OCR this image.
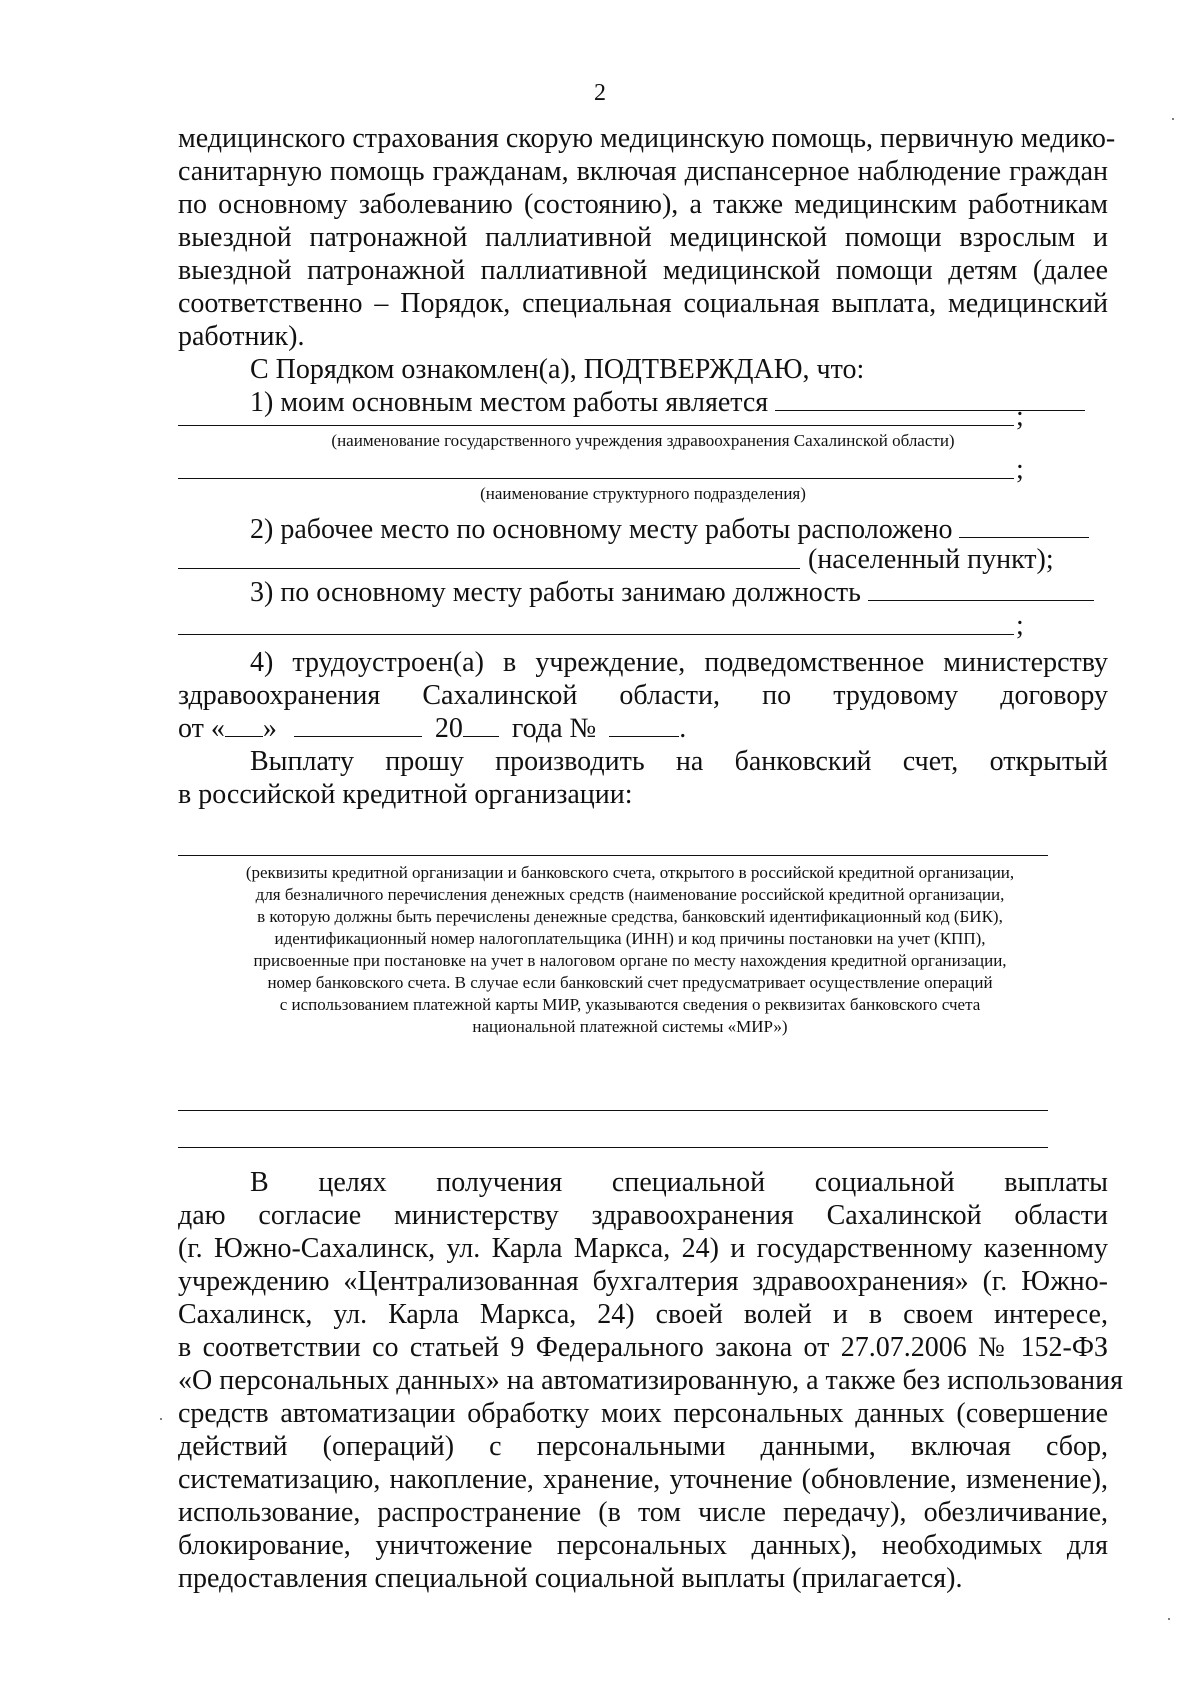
2
медицинского страхования скорую медицинскую помощь, первичную медико-
санитарную помощь гражданам, включая диспансерное наблюдение граждан
по основному заболеванию (состоянию), а также медицинским работникам
выездной патронажной паллиативной медицинской помощи взрослым и
выездной патронажной паллиативной медицинской помощи детям (далее
соответственно – Порядок, специальная социальная выплата, медицинский
работник).
С Порядком ознакомлен(а), ПОДТВЕРЖДАЮ, что:
1) моим основным местом работы является	;
(наименование государственного учреждения здравоохранения Сахалинской области)
;
(наименование структурного подразделения)
2) рабочее место по основному месту работы расположено
(населенный пункт);
3) по основному месту работы занимаю должность
;
4) трудоустроен(а) в учреждение, подведомственное министерству
здравоохранения Сахалинской области, по трудовому договору
от « »	20 года №	.
Выплату прошу производить на банковский счет, открытый
в российской кредитной организации:
(реквизиты кредитной организации и банковского счета, открытого в российской кредитной организации,
для безналичного перечисления денежных средств (наименование российской кредитной организации,
в которую должны быть перечислены денежные средства, банковский идентификационный код (БИК),
идентификационный номер налогоплательщика (ИНН) и код причины постановки на учет (КПП),
присвоенные при постановке на учет в налоговом органе по месту нахождения кредитной организации,
номер банковского счета. В случае если банковский счет предусматривает осуществление операций
с использованием платежной карты МИР, указываются сведения о реквизитах банковского счета
национальной платежной системы «МИР»)
В целях получения специальной социальной выплаты
даю согласие министерству здравоохранения Сахалинской области
(г. Южно-Сахалинск, ул. Карла Маркса, 24) и государственному казенному
учреждению «Централизованная бухгалтерия здравоохранения» (г. Южно-
Сахалинск, ул. Карла Маркса, 24) своей волей и в своем интересе,
в соответствии со статьей 9 Федерального закона от 27.07.2006 № 152-ФЗ
«О персональных данных» на автоматизированную, а также без использования
средств автоматизации обработку моих персональных данных (совершение
действий (операций) с персональными данными, включая сбор,
систематизацию, накопление, хранение, уточнение (обновление, изменение),
использование, распространение (в том числе передачу), обезличивание,
блокирование, уничтожение персональных данных), необходимых для
предоставления специальной социальной выплаты (прилагается).
